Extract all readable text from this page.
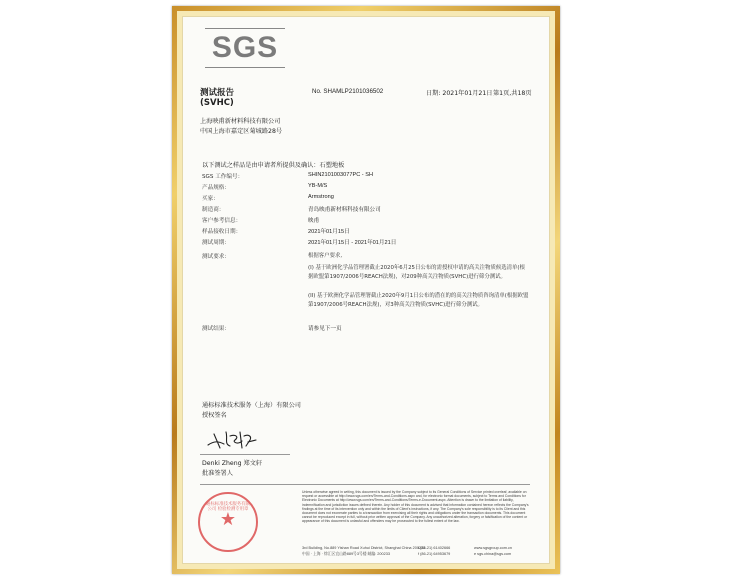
SGS
测试报告
(SVHC)
No. SHAMLP2101036502	日期: 2021年01月21日 第1页,共18页
上海映甫新材料科技有限公司
中国上海市嘉定区菊城路28号
以下测试之样品是由申请者所提供及确认：石塑地板
SGS 工作编号：	SHIN2101003077PC - SH
产品规格：	YB-M/S
买家：	Armstrong
制造商：	青岛映甫新材料科技有限公司
客户参考信息：	映甫
样品接收日期：	2021年01月15日
测试周期：	2021年01月15日 - 2021年01月21日
测试要求：	根据客户要求,
(I) 基于欧洲化学品管理署截止2020年6月25日公布的需授权申请的高关注物质候选清单(根据欧盟第1907/2006号REACH法规)，对209种高关注物质(SVHC)进行筛分测试。
(II) 基于欧洲化学品管理署截止2020年9月1日公布的潜在的的高关注物质咨询清单(根据欧盟第1907/2006号REACH法规)，对3种高关注物质(SVHC)进行筛分测试。
测试结果：	请参见下一页
通标标准技术服务（上海）有限公司
授权签名
Denki Zheng 郑文轩
批准签署人
通标标准技术服务有限公司 检验检测专用章
★
Unless otherwise agreed in writing, this document is issued by the Company subject to its General Conditions of Service printed overleaf, available on request or accessible at http://www.sgs.com/en/Terms-and-Conditions.aspx and, for electronic format documents, subject to Terms and Conditions for Electronic Documents at http://www.sgs.com/en/Terms-and-Conditions/Terms-e-Document.aspx. Attention is drawn to the limitation of liability, indemnification and jurisdiction issues defined therein. Any holder of this document is advised that information contained hereon reflects the Company's findings at the time of its intervention only and within the limits of Client's instructions, if any. The Company's sole responsibility is to its Client and this document does not exonerate parties to a transaction from exercising all their rights and obligations under the transaction documents. This document cannot be reproduced except in full, without prior written approval of the Company. Any unauthorized alteration, forgery or falsification of the content or appearance of this document is unlawful and offenders may be prosecuted to the fullest extent of the law.
3rd Building, No.889 Yishan Road Xuhui District, Shanghai China 200233
中国 · 上海 · 徐汇区宜山路889号3号楼 邮编: 200233
t (86-21) 61402666
f (86-21) 64953679
www.sgsgroup.com.cn
e sgs.china@sgs.com
